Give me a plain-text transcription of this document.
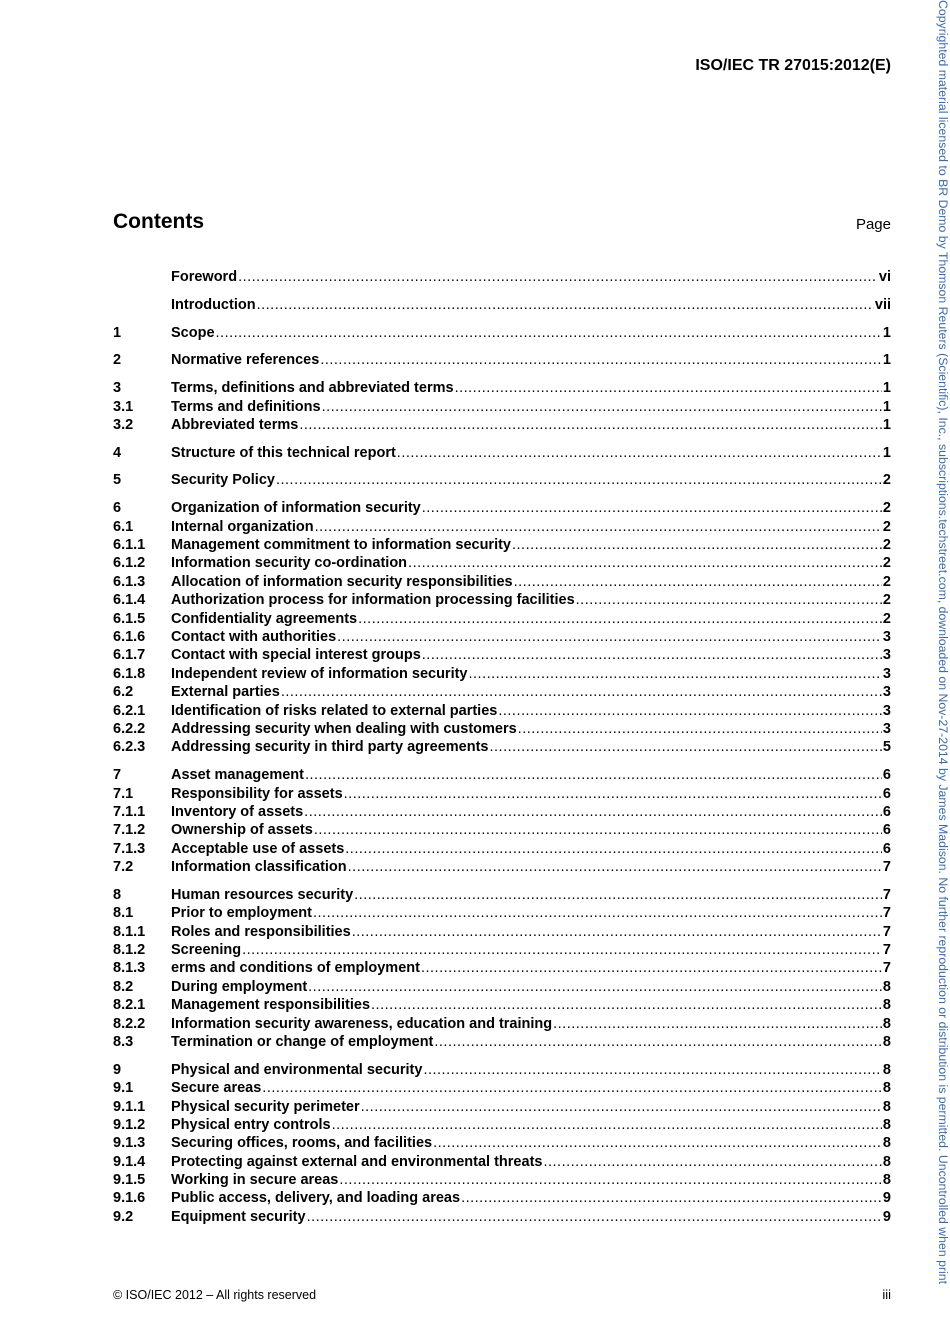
ISO/IEC TR 27015:2012(E)
Contents	Page
Foreword .....	vi
Introduction .....	vii
1	Scope .....	1
2	Normative references .....	1
3	Terms, definitions and abbreviated terms .....	1
3.1	Terms and definitions .....	1
3.2	Abbreviated terms .....	1
4	Structure of this technical report .....	1
5	Security Policy .....	2
6	Organization of information security .....	2
6.1	Internal organization .....	2
6.1.1	Management commitment to information security .....	2
6.1.2	Information security co-ordination .....	2
6.1.3	Allocation of information security responsibilities .....	2
6.1.4	Authorization process for information processing facilities .....	2
6.1.5	Confidentiality agreements .....	2
6.1.6	Contact with authorities .....	3
6.1.7	Contact with special interest groups .....	3
6.1.8	Independent review of information security .....	3
6.2	External parties .....	3
6.2.1	Identification of risks related to external parties .....	3
6.2.2	Addressing security when dealing with customers .....	3
6.2.3	Addressing security in third party agreements .....	5
7	Asset management .....	6
7.1	Responsibility for assets .....	6
7.1.1	Inventory of assets .....	6
7.1.2	Ownership of assets .....	6
7.1.3	Acceptable use of assets .....	6
7.2	Information classification .....	7
8	Human resources security .....	7
8.1	Prior to employment .....	7
8.1.1	Roles and responsibilities .....	7
8.1.2	Screening .....	7
8.1.3	erms and conditions of employment .....	7
8.2	During employment .....	8
8.2.1	Management responsibilities .....	8
8.2.2	Information security awareness, education and training .....	8
8.3	Termination or change of employment .....	8
9	Physical and environmental security .....	8
9.1	Secure areas .....	8
9.1.1	Physical security perimeter .....	8
9.1.2	Physical entry controls .....	8
9.1.3	Securing offices, rooms, and facilities .....	8
9.1.4	Protecting against external and environmental threats .....	8
9.1.5	Working in secure areas .....	8
9.1.6	Public access, delivery, and loading areas .....	9
9.2	Equipment security .....	9
© ISO/IEC 2012 – All rights reserved	iii
Copyrighted material licensed to BR Demo by Thomson Reuters (Scientific), Inc., subscriptions.techstreet.com, downloaded on Nov-27-2014 by James Madison. No further reproduction or distribution is permitted. Uncontrolled when print
